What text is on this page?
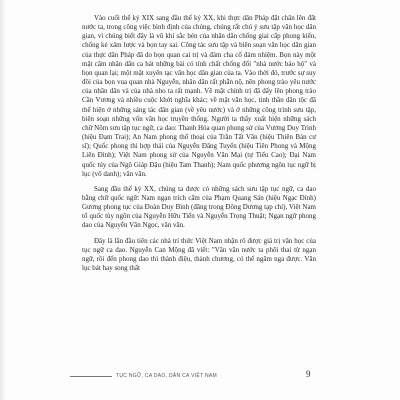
Vào cuối thế kỷ XIX sang đầu thế kỷ XX, khi thực dân Pháp đặt chân lên đất nước ta, trong công việc bình định của chúng, chúng rất chú ý sưu tập văn học dân gian, vì chúng biết đây là vũ khí sắc bén của nhân dân chống giai cấp phong kiến, chống kẻ xâm lược và bọn tay sai. Công tác sưu tập và biên soạn văn học dân gian của thực dân Pháp đã do bọn quan cai trị và đám cha cố đảm nhiệm. Bọn này một mặt căm nhân dân ca hát những bài có tính chất chống đối "nhà nước bảo hộ" và bọn quan lại; một mặt xuyên tạc văn học dân gian của ta. Vào thời đó, trước sự suy đồi của bọn vua quan nhà Nguyễn, nhân dân rất phẫn nộ, nên phong trào yêu nước của nhân dân và của nhà nho ta rất mạnh. Về mặt chính trị đã dấy lên phong trào Cần Vương và nhiều cuộc khởi nghĩa khác; về mặt văn học, tinh thần dân tộc đã thể hiện ở những sáng tác dân gian (về yêu nước) và ở những công trình sưu tập, biên soạn những vốn văn học truyền thống. Người ta thấy xuất hiện những sách chữ Nôm sưu tập tục ngữ, ca dao: Thanh Hóa quan phong sử của Vương Duy Trinh (hiệu Đạm Trai); An Nam phong thổ thoại của Trần Tất Văn (hiệu Thiên Bản cư sĩ); Quốc phong thi hợp thái của Nguyễn Đăng Tuyển (hiệu Tiên Phong và Mộng Liên Đình); Việt Nam phong sử của Nguyễn Văn Mại (tự Tiểu Cao); Đại Nam quốc túy của Ngô Giáp Đậu (hiệu Tam Thanh); Nam quốc phương ngôn tục ngữ bị lục (vô danh); văn văn.

Sang đầu thế kỷ XX, chúng ta được có những sách sưu tập tục ngữ, ca dao bằng chữ quốc ngữ: Nam ngạn trích cẩm của Phạm Quang Sán (hiệu Ngạc Đình) Gương phong tục của Đoàn Duy Bình (đăng trong Đông Dương tạp chí), Việt Nam tổ quốc tùy ngôn của Nguyễn Hữu Tiến và Nguyễn Trọng Thuật; Ngạn ngữ phong dao của Nguyễn Văn Ngọc, văn văn.

Đây là lần đầu tiên các nhà trí thức Việt Nam nhận rõ được giá trị văn học của tục ngữ ca dao. Nguyễn Can Mộng đã viết: "Văn văn nước ta phôi thai từ ngạn ngữ, rồi đến phong dao thì thành điệu, thành chương, có thể ngâm nga được. Văn lục bát hay song thất

TỤC NGỮ, CA DAO, DÂN CA VIỆT NAM	9
